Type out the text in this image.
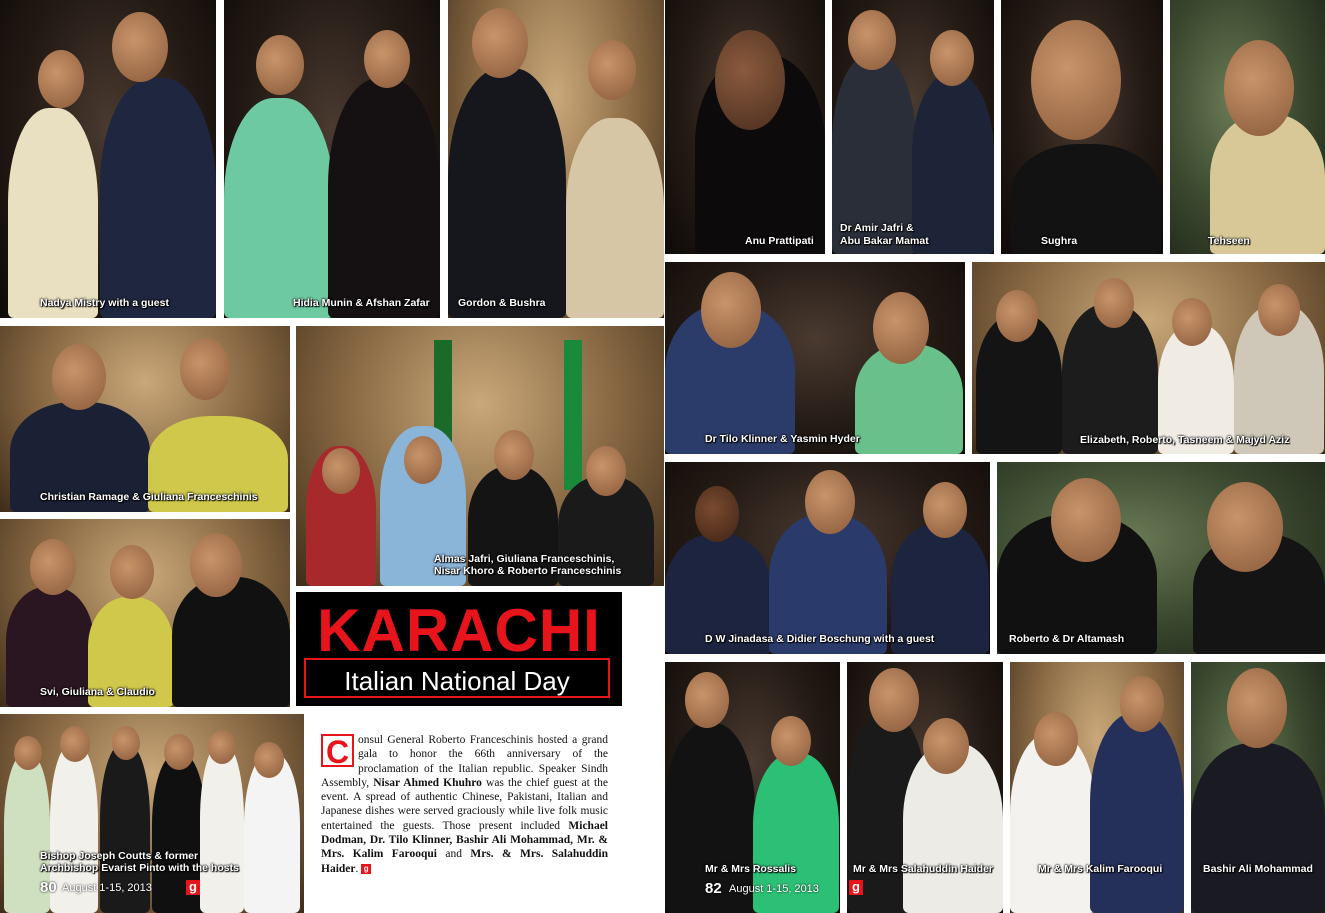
Nadya Mistry with a guest	Hidia Munin & Afshan Zafar	Gordon & Bushra
Christian Ramage & Giuliana Franceschinis
Almas Jafri, Giuliana Franceschinis,
Nisar Khoro & Roberto Franceschinis
Svi, Giuliana & Claudio
KARACHI
Italian National Day
Bishop Joseph Coutts & former
Archbishop Evarist Pinto with the hosts
80 August 1-15, 2013	g
C onsul General Roberto Franceschinis hosted a grand gala to honor the 66th anniversary of the proclamation of the Italian republic. Speaker Sindh Assembly, Nisar Ahmed Khuhro was the chief guest at the event. A spread of authentic Chinese, Pakistani, Italian and Japanese dishes were served graciously while live folk music entertained the guests. Those present included Michael Dodman, Dr. Tilo Klinner, Bashir Ali Mohammad, Mr. & Mrs. Kalim Farooqui and Mrs. & Mrs. Salahuddin Haider. g
Anu Prattipati
Dr Amir Jafri &
Abu Bakar Mamat	Sughra	Tehseen
Dr Tilo Klinner & Yasmin Hyder	Elizabeth, Roberto, Tasneem & Majyd Aziz
D W Jinadasa & Didier Boschung with a guest	Roberto & Dr Altamash
Mr & Mrs Rossalis
82 August 1-15, 2013
Mr & Mrs Salahuddin Haider
g
Mr & Mrs Kalim Farooqui	Bashir Ali Mohammad
